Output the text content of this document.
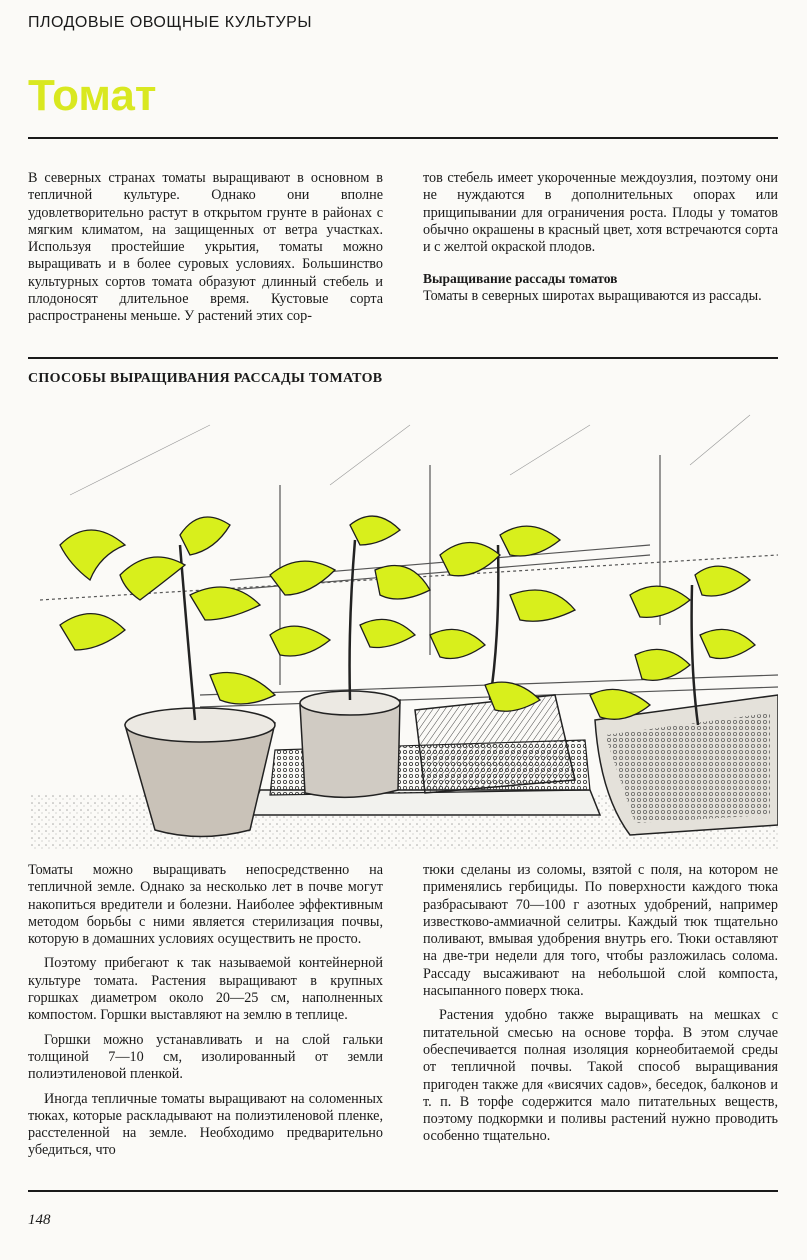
ПЛОДОВЫЕ ОВОЩНЫЕ КУЛЬТУРЫ
Томат

В северных странах томаты выращивают в основном в тепличной культуре. Однако они вполне удовлетворительно растут в открытом грунте в районах с мягким климатом, на защищенных от ветра участках. Используя простейшие укрытия, томаты можно выращивать и в более суровых условиях. Большинство культурных сортов томата образуют длинный стебель и плодоносят длительное время. Кустовые сорта распространены меньше. У растений этих сор-

тов стебель имеет укороченные междоузлия, поэтому они не нуждаются в дополнительных опорах или прищипывании для ограничения роста. Плоды у томатов обычно окрашены в красный цвет, хотя встречаются сорта и с желтой окраской плодов.

Выращивание рассады томатов

Томаты в северных широтах выращиваются из рассады.

СПОСОБЫ ВЫРАЩИВАНИЯ РАССАДЫ ТОМАТОВ

Томаты можно выращивать непосредственно на тепличной земле. Однако за несколько лет в почве могут накопиться вредители и болезни. Наиболее эффективным методом борьбы с ними является стерилизация почвы, которую в домашних условиях осуществить не просто.

Поэтому прибегают к так называемой контейнерной культуре томата. Растения выращивают в крупных горшках диаметром около 20—25 см, наполненных компостом. Горшки выставляют на землю в теплице.

Горшки можно устанавливать и на слой гальки толщиной 7—10 см, изолированный от земли полиэтиленовой пленкой.

Иногда тепличные томаты выращивают на соломенных тюках, которые раскладывают на полиэтиленовой пленке, расстеленной на земле. Необходимо предварительно убедиться, что

тюки сделаны из соломы, взятой с поля, на котором не применялись гербициды. По поверхности каждого тюка разбрасывают 70—100 г азотных удобрений, например известково-аммиачной селитры. Каждый тюк тщательно поливают, вмывая удобрения внутрь его. Тюки оставляют на две-три недели для того, чтобы разложилась солома. Рассаду высаживают на небольшой слой компоста, насыпанного поверх тюка.

Растения удобно также выращивать на мешках с питательной смесью на основе торфа. В этом случае обеспечивается полная изоляция корнеобитаемой среды от тепличной почвы. Такой способ выращивания пригоден также для «висячих садов», беседок, балконов и т. п. В торфе содержится мало питательных веществ, поэтому подкормки и поливы растений нужно проводить особенно тщательно.

148
